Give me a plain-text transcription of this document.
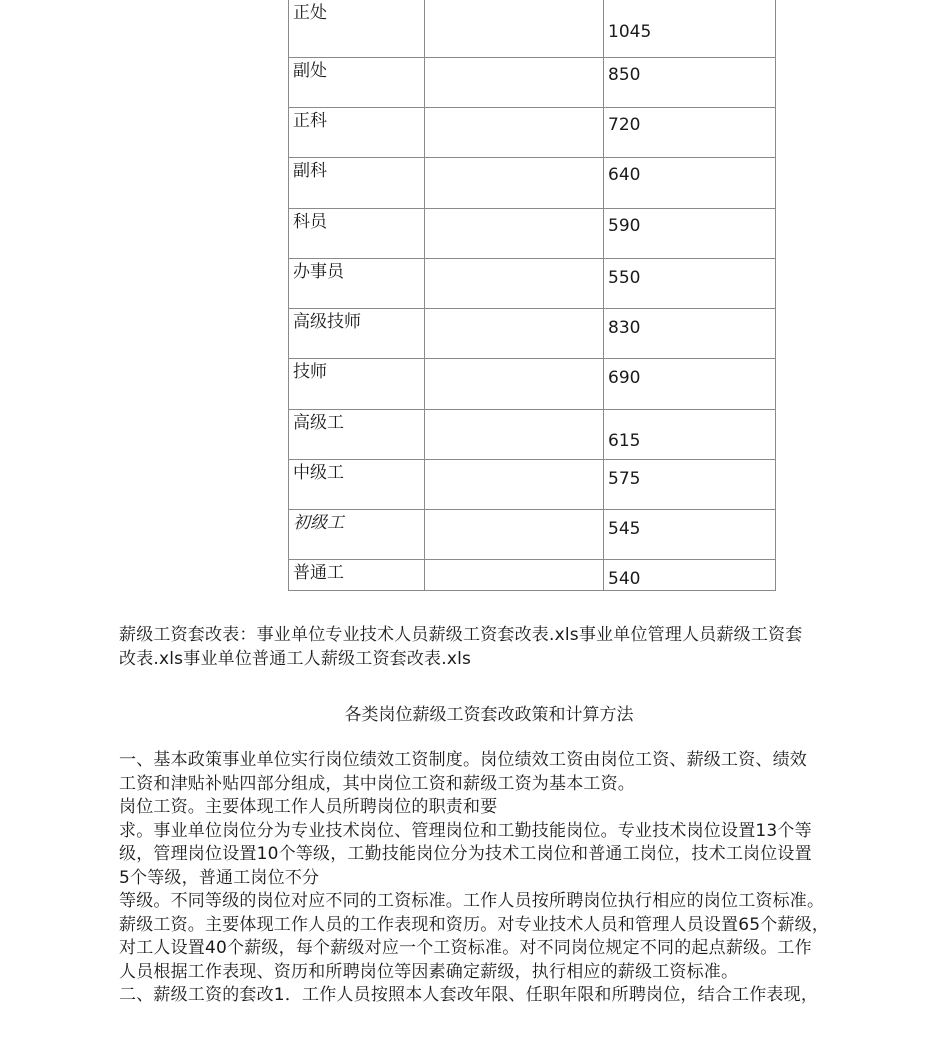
正处		1045

副处		850

正科		720

副科		640

科员		590

办事员		550

高级技师		830

技师		690

高级工		615

中级工		575

初级工		545

普通工		540

薪级工资套改表：事业单位专业技术人员薪级工资套改表.xls事业单位管理人员薪级工资套

改表.xls事业单位普通工人薪级工资套改表.xls

各类岗位薪级工资套改政策和计算方法

一、基本政策事业单位实行岗位绩效工资制度。岗位绩效工资由岗位工资、薪级工资、绩效

工资和津贴补贴四部分组成，其中岗位工资和薪级工资为基本工资。

岗位工资。主要体现工作人员所聘岗位的职责和要

求。事业单位岗位分为专业技术岗位、管理岗位和工勤技能岗位。专业技术岗位设置13个等

级，管理岗位设置10个等级，工勤技能岗位分为技术工岗位和普通工岗位，技术工岗位设置

5个等级，普通工岗位不分

等级。不同等级的岗位对应不同的工资标准。工作人员按所聘岗位执行相应的岗位工资标准。

薪级工资。主要体现工作人员的工作表现和资历。对专业技术人员和管理人员设置65个薪级，

对工人设置40个薪级，每个薪级对应一个工资标准。对不同岗位规定不同的起点薪级。工作

人员根据工作表现、资历和所聘岗位等因素确定薪级，执行相应的薪级工资标准。

二、薪级工资的套改1．工作人员按照本人套改年限、任职年限和所聘岗位，结合工作表现，
